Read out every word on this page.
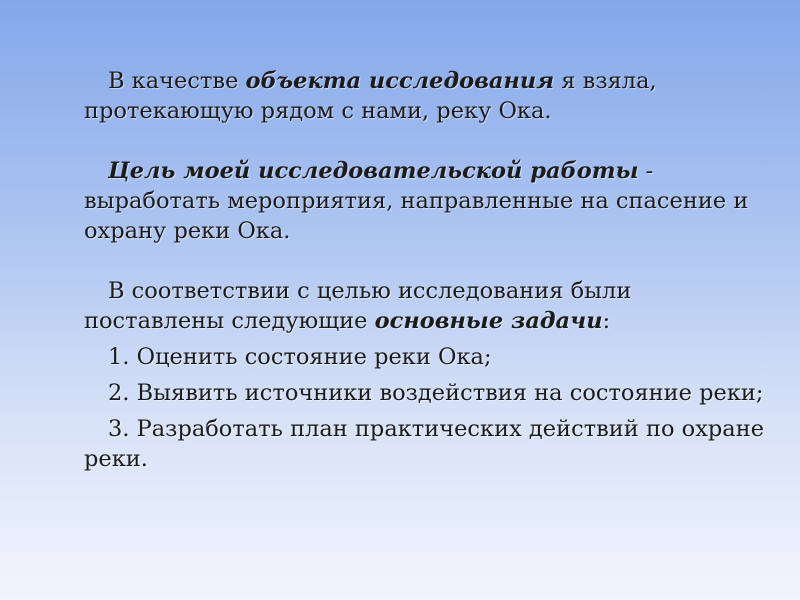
В качестве объекта исследования я взяла, протекающую рядом с нами, реку Ока.

Цель моей исследовательской работы - выработать мероприятия, направленные на спасение и охрану реки Ока.

В соответствии с целью исследования были поставлены следующие основные задачи:

1. Оценить состояние реки Ока;

2. Выявить источники воздействия на состояние реки;

3. Разработать план практических действий по охране реки.
